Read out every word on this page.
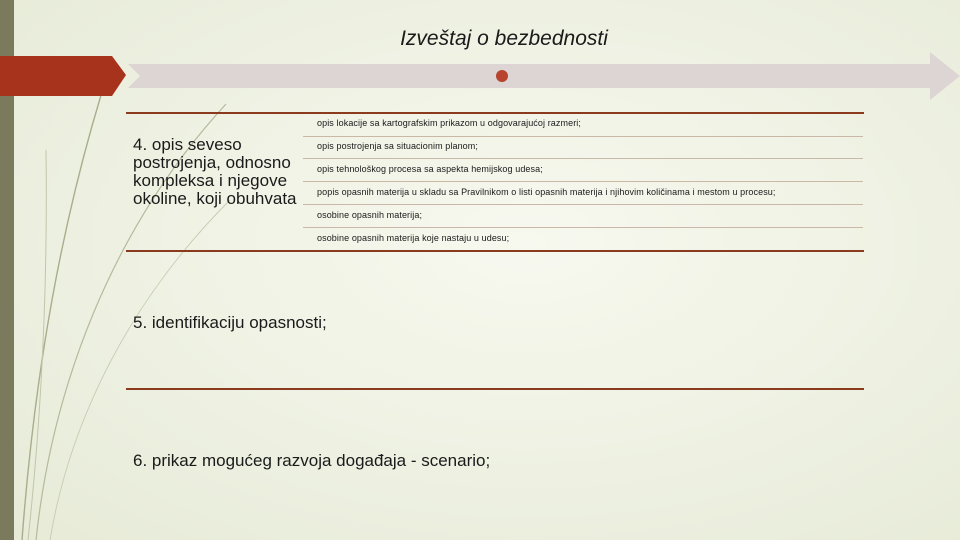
Izveštaj o bezbednosti
4. opis seveso postrojenja, odnosno kompleksa i njegove okoline, koji obuhvata
opis lokacije sa kartografskim prikazom u odgovarajućoj razmeri;
opis postrojenja sa situacionim planom;
opis tehnološkog procesa sa aspekta hemijskog udesa;
popis opasnih materija u skladu sa Pravilnikom o listi opasnih materija i njihovim količinama i mestom u procesu;
osobine opasnih materija;
osobine opasnih materija koje nastaju u udesu;
5. identifikaciju opasnosti;
6. prikaz mogućeg razvoja događaja - scenario;
